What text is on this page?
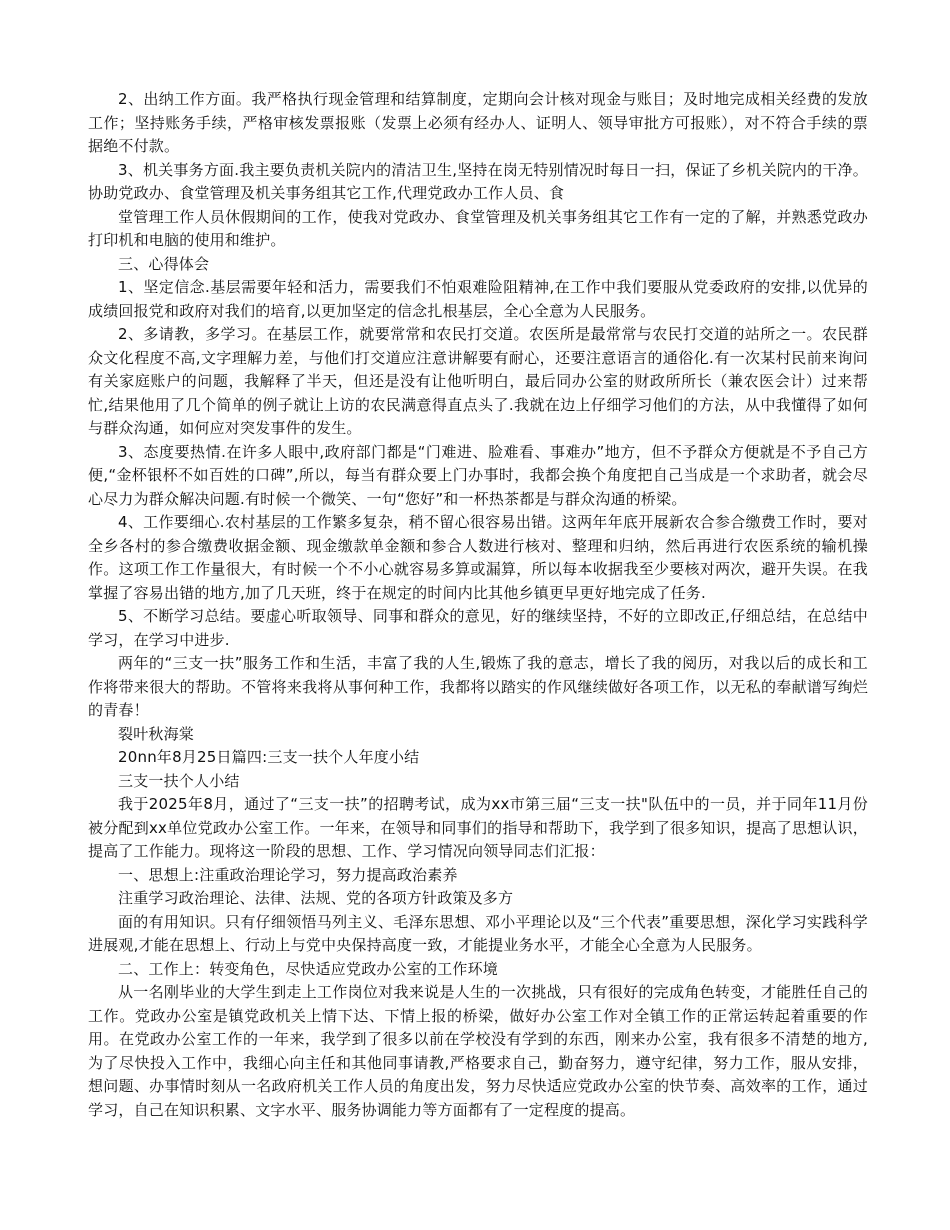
2、出纳工作方面。我严格执行现金管理和结算制度，定期向会计核对现金与账目；及时地完成相关经费的发放工作；坚持账务手续，严格审核发票报账（发票上必须有经办人、证明人、领导审批方可报账），对不符合手续的票据绝不付款。

3、机关事务方面.我主要负责机关院内的清洁卫生,坚持在岗无特别情况时每日一扫，保证了乡机关院内的干净。协助党政办、食堂管理及机关事务组其它工作,代理党政办工作人员、食

堂管理工作人员休假期间的工作，使我对党政办、食堂管理及机关事务组其它工作有一定的了解，并熟悉党政办打印机和电脑的使用和维护。

三、心得体会

1、坚定信念.基层需要年轻和活力，需要我们不怕艰难险阻精神,在工作中我们要服从党委政府的安排,以优异的成绩回报党和政府对我们的培育,以更加坚定的信念扎根基层，全心全意为人民服务。

2、多请教，多学习。在基层工作，就要常常和农民打交道。农医所是最常常与农民打交道的站所之一。农民群众文化程度不高,文字理解力差，与他们打交道应注意讲解要有耐心，还要注意语言的通俗化.有一次某村民前来询问有关家庭账户的问题，我解释了半天，但还是没有让他听明白，最后同办公室的财政所所长（兼农医会计）过来帮忙,结果他用了几个简单的例子就让上访的农民满意得直点头了.我就在边上仔细学习他们的方法，从中我懂得了如何与群众沟通，如何应对突发事件的发生。

3、态度要热情.在许多人眼中,政府部门都是“门难进、脸难看、事难办”地方，但不予群众方便就是不予自己方便,“金杯银杯不如百姓的口碑”,所以，每当有群众要上门办事时，我都会换个角度把自己当成是一个求助者，就会尽心尽力为群众解决问题.有时候一个微笑、一句“您好”和一杯热茶都是与群众沟通的桥梁。

4、工作要细心.农村基层的工作繁多复杂，稍不留心很容易出错。这两年年底开展新农合参合缴费工作时，要对全乡各村的参合缴费收据金额、现金缴款单金额和参合人数进行核对、整理和归纳，然后再进行农医系统的输机操作。这项工作工作量很大，有时候一个不小心就容易多算或漏算，所以每本收据我至少要核对两次，避开失误。在我掌握了容易出错的地方,加了几天班，终于在规定的时间内比其他乡镇更早更好地完成了任务.

5、不断学习总结。要虚心听取领导、同事和群众的意见，好的继续坚持，不好的立即改正,仔细总结，在总结中学习，在学习中进步.

两年的“三支一扶”服务工作和生活，丰富了我的人生,锻炼了我的意志，增长了我的阅历，对我以后的成长和工作将带来很大的帮助。不管将来我将从事何种工作，我都将以踏实的作风继续做好各项工作，以无私的奉献谱写绚烂的青春！

裂叶秋海棠

20nn年8月25日篇四:三支一扶个人年度小结

三支一扶个人小结

我于2025年8月，通过了“三支一扶”的招聘考试，成为xx市第三届“三支一扶"队伍中的一员，并于同年11月份被分配到xx单位党政办公室工作。一年来，在领导和同事们的指导和帮助下，我学到了很多知识，提高了思想认识，提高了工作能力。现将这一阶段的思想、工作、学习情况向领导同志们汇报：

一、思想上:注重政治理论学习，努力提高政治素养

注重学习政治理论、法律、法规、党的各项方针政策及多方

面的有用知识。只有仔细领悟马列主义、毛泽东思想、邓小平理论以及“三个代表”重要思想，深化学习实践科学进展观,才能在思想上、行动上与党中央保持高度一致，才能提业务水平，才能全心全意为人民服务。

二、工作上：转变角色，尽快适应党政办公室的工作环境

从一名刚毕业的大学生到走上工作岗位对我来说是人生的一次挑战，只有很好的完成角色转变，才能胜任自己的工作。党政办公室是镇党政机关上情下达、下情上报的桥梁，做好办公室工作对全镇工作的正常运转起着重要的作用。在党政办公室工作的一年来，我学到了很多以前在学校没有学到的东西，刚来办公室，我有很多不清楚的地方,为了尽快投入工作中，我细心向主任和其他同事请教,严格要求自己，勤奋努力，遵守纪律，努力工作，服从安排，想问题、办事情时刻从一名政府机关工作人员的角度出发，努力尽快适应党政办公室的快节奏、高效率的工作，通过学习，自己在知识积累、文字水平、服务协调能力等方面都有了一定程度的提高。
